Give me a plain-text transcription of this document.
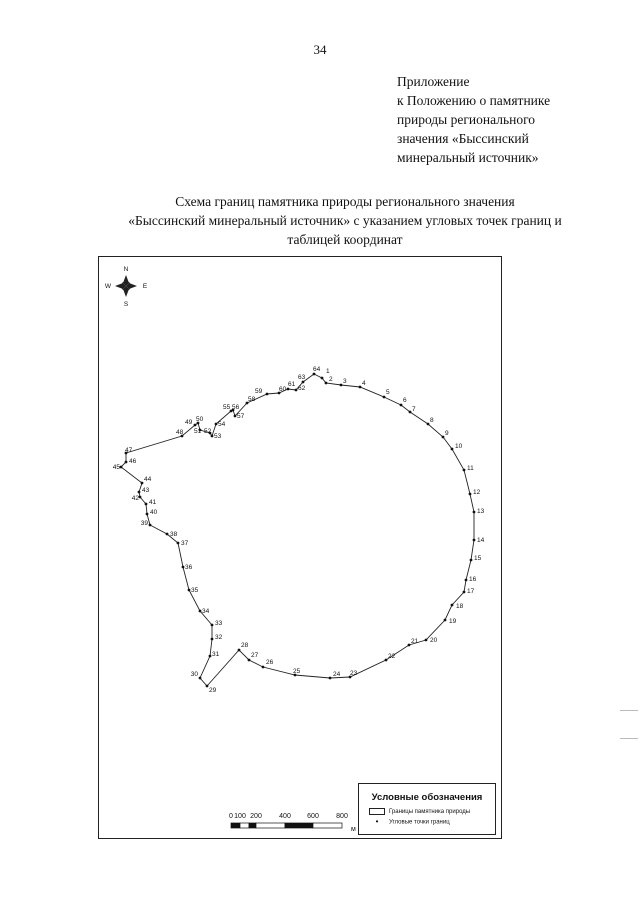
34
Приложение
к Положению о памятнике
природы регионального
значения «Быссинский
минеральный источник»
Схема границ памятника природы регионального значения
«Быссинский минеральный источник» с указанием угловых точек границ и
таблицей координат
N
S
W	E
1
2 3 4
5
6
7
8
9
10
11
12
13
14
15
16
17
18
19
20
21
22
23
24
25
26
27
28
29
30
31
32
33
34
35
36
37
38
39
40
41
42
43
44
45
46
47
48
49 50
51 52
53
54
55 56
57
58
59	60
61
62
63
64
0 100 200 400 600 800
м
Условные обозначения
Границы памятника природы
• Угловые точки границ
